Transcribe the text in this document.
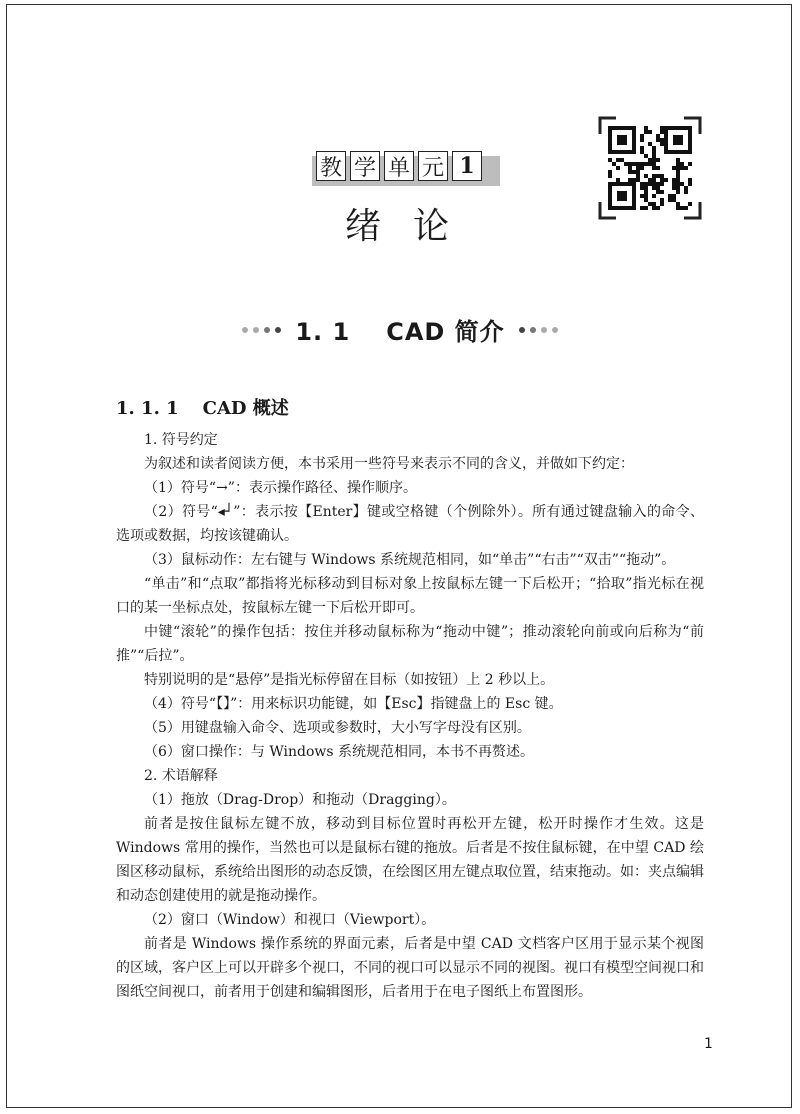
教 学 单 元 1
绪论
1. 1 CAD 简介
1. 1. 1 CAD 概述

1. 符号约定

为叙述和读者阅读方便，本书采用一些符号来表示不同的含义，并做如下约定：

（1）符号“→”：表示操作路径、操作顺序。

（2）符号“◂┘”：表示按【Enter】键或空格键（个例除外）。所有通过键盘输入的命令、选项或数据，均按该键确认。

（3）鼠标动作：左右键与 Windows 系统规范相同，如“单击”“右击”“双击”“拖动”。

“单击”和“点取”都指将光标移动到目标对象上按鼠标左键一下后松开；“拾取”指光标在视口的某一坐标点处，按鼠标左键一下后松开即可。

中键“滚轮”的操作包括：按住并移动鼠标称为“拖动中键”；推动滚轮向前或向后称为“前推”“后拉”。

特别说明的是“悬停”是指光标停留在目标（如按钮）上 2 秒以上。

（4）符号“【】”：用来标识功能键，如【Esc】指键盘上的 Esc 键。

（5）用键盘输入命令、选项或参数时，大小写字母没有区别。

（6）窗口操作：与 Windows 系统规范相同，本书不再赘述。

2. 术语解释

（1）拖放（Drag-Drop）和拖动（Dragging）。

前者是按住鼠标左键不放，移动到目标位置时再松开左键，松开时操作才生效。这是 Windows 常用的操作，当然也可以是鼠标右键的拖放。后者是不按住鼠标键，在中望 CAD 绘图区移动鼠标，系统给出图形的动态反馈，在绘图区用左键点取位置，结束拖动。如：夹点编辑和动态创建使用的就是拖动操作。

（2）窗口（Window）和视口（Viewport）。

前者是 Windows 操作系统的界面元素，后者是中望 CAD 文档客户区用于显示某个视图的区域，客户区上可以开辟多个视口，不同的视口可以显示不同的视图。视口有模型空间视口和图纸空间视口，前者用于创建和编辑图形，后者用于在电子图纸上布置图形。

1
